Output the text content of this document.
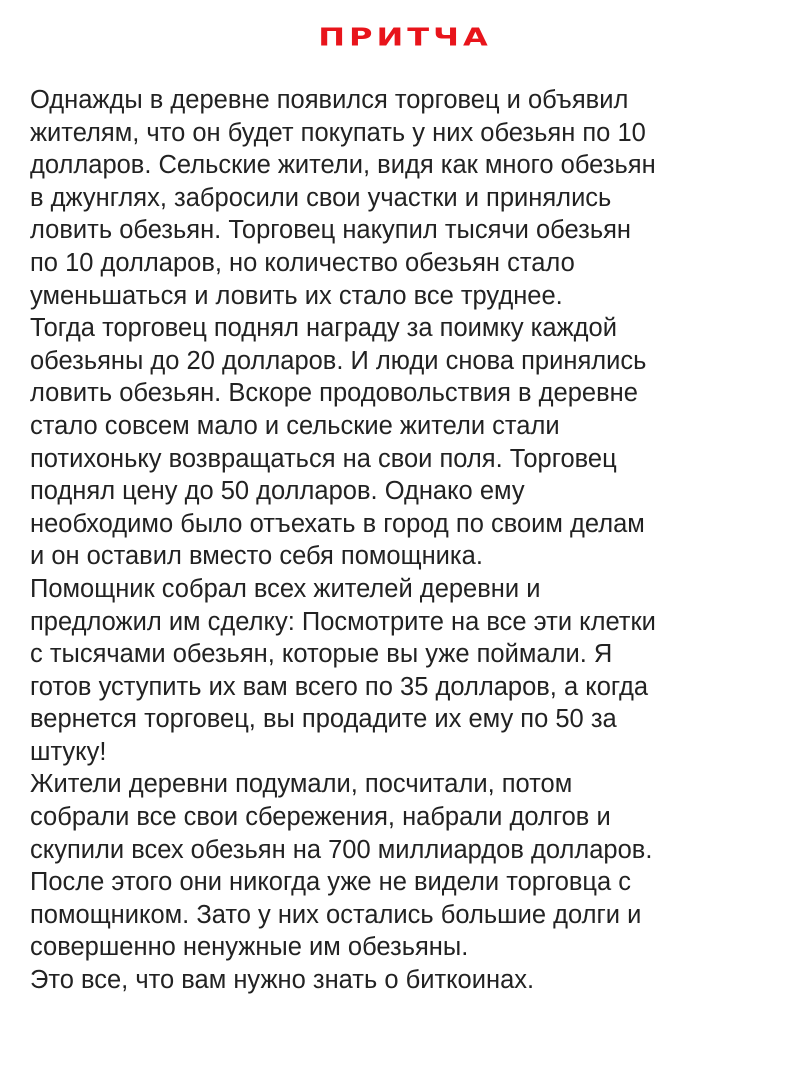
ПРИТЧА
Однажды в деревне появился торговец и объявил
жителям, что он будет покупать у них обезьян по 10
долларов. Сельские жители, видя как много обезьян
в джунглях, забросили свои участки и принялись
ловить обезьян. Торговец накупил тысячи обезьян
по 10 долларов, но количество обезьян стало
уменьшаться и ловить их стало все труднее.
Тогда торговец поднял награду за поимку каждой
обезьяны до 20 долларов. И люди снова принялись
ловить обезьян. Вскоре продовольствия в деревне
стало совсем мало и сельские жители стали
потихоньку возвращаться на свои поля. Торговец
поднял цену до 50 долларов. Однако ему
необходимо было отъехать в город по своим делам
и он оставил вместо себя помощника.
Помощник собрал всех жителей деревни и
предложил им сделку: Посмотрите на все эти клетки
с тысячами обезьян, которые вы уже поймали. Я
готов уступить их вам всего по 35 долларов, а когда
вернется торговец, вы продадите их ему по 50 за
штуку!
Жители деревни подумали, посчитали, потом
собрали все свои сбережения, набрали долгов и
скупили всех обезьян на 700 миллиардов долларов.
После этого они никогда уже не видели торговца с
помощником. Зато у них остались большие долги и
совершенно ненужные им обезьяны.
Это все, что вам нужно знать о биткоинах.
